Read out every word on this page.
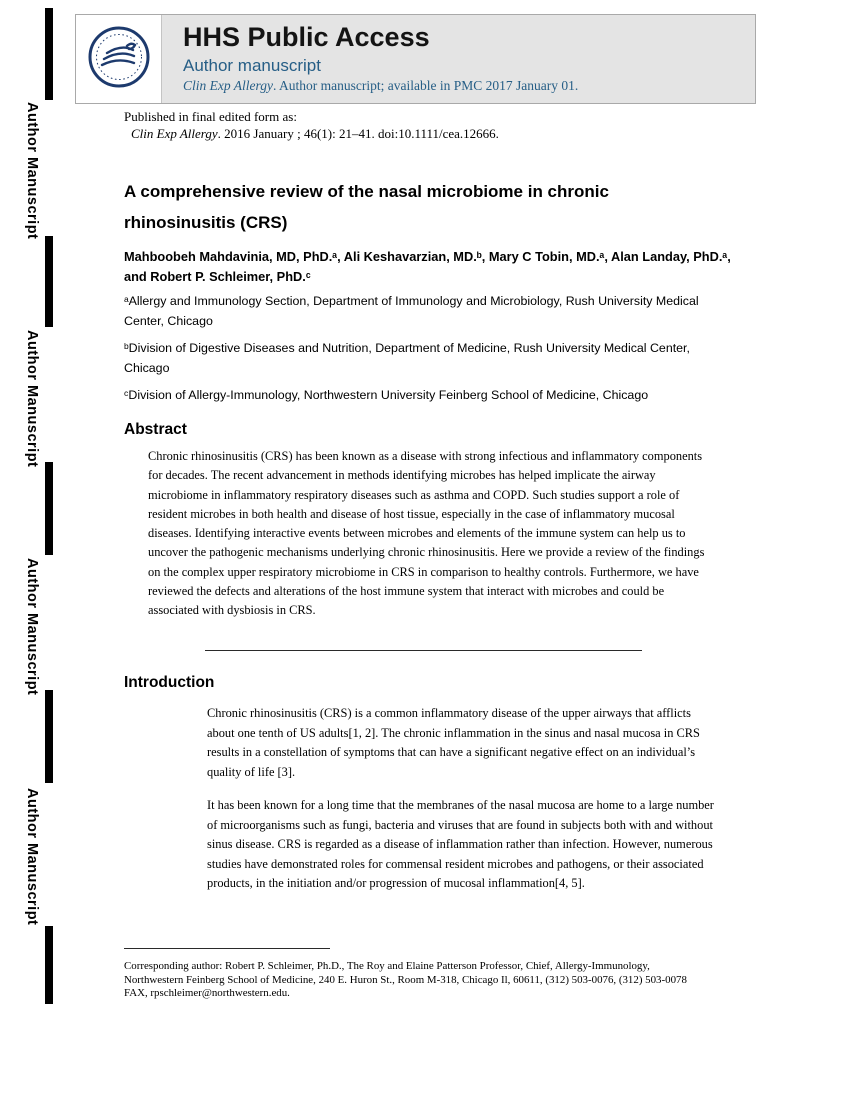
Author Manuscript
Author Manuscript
Author Manuscript
Author Manuscript
HHS Public Access
Author manuscript
Clin Exp Allergy. Author manuscript; available in PMC 2017 January 01.
Published in final edited form as:
Clin Exp Allergy. 2016 January ; 46(1): 21–41. doi:10.1111/cea.12666.
A comprehensive review of the nasal microbiome in chronic rhinosinusitis (CRS)
Mahboobeh Mahdavinia, MD, PhD.ᵃ, Ali Keshavarzian, MD.ᵇ, Mary C Tobin, MD.ᵃ, Alan Landay, PhD.ᵃ, and Robert P. Schleimer, PhD.ᶜ
ᵃAllergy and Immunology Section, Department of Immunology and Microbiology, Rush University Medical Center, Chicago
ᵇDivision of Digestive Diseases and Nutrition, Department of Medicine, Rush University Medical Center, Chicago
ᶜDivision of Allergy-Immunology, Northwestern University Feinberg School of Medicine, Chicago
Abstract
Chronic rhinosinusitis (CRS) has been known as a disease with strong infectious and inflammatory components for decades. The recent advancement in methods identifying microbes has helped implicate the airway microbiome in inflammatory respiratory diseases such as asthma and COPD. Such studies support a role of resident microbes in both health and disease of host tissue, especially in the case of inflammatory mucosal diseases. Identifying interactive events between microbes and elements of the immune system can help us to uncover the pathogenic mechanisms underlying chronic rhinosinusitis. Here we provide a review of the findings on the complex upper respiratory microbiome in CRS in comparison to healthy controls. Furthermore, we have reviewed the defects and alterations of the host immune system that interact with microbes and could be associated with dysbiosis in CRS.
Introduction
Chronic rhinosinusitis (CRS) is a common inflammatory disease of the upper airways that afflicts about one tenth of US adults[1, 2]. The chronic inflammation in the sinus and nasal mucosa in CRS results in a constellation of symptoms that can have a significant negative effect on an individual’s quality of life [3].
It has been known for a long time that the membranes of the nasal mucosa are home to a large number of microorganisms such as fungi, bacteria and viruses that are found in subjects both with and without sinus disease. CRS is regarded as a disease of inflammation rather than infection. However, numerous studies have demonstrated roles for commensal resident microbes and pathogens, or their associated products, in the initiation and/or progression of mucosal inflammation[4, 5].
Corresponding author: Robert P. Schleimer, Ph.D., The Roy and Elaine Patterson Professor, Chief, Allergy-Immunology, Northwestern Feinberg School of Medicine, 240 E. Huron St., Room M-318, Chicago Il, 60611, (312) 503-0076, (312) 503-0078 FAX, rpschleimer@northwestern.edu.
